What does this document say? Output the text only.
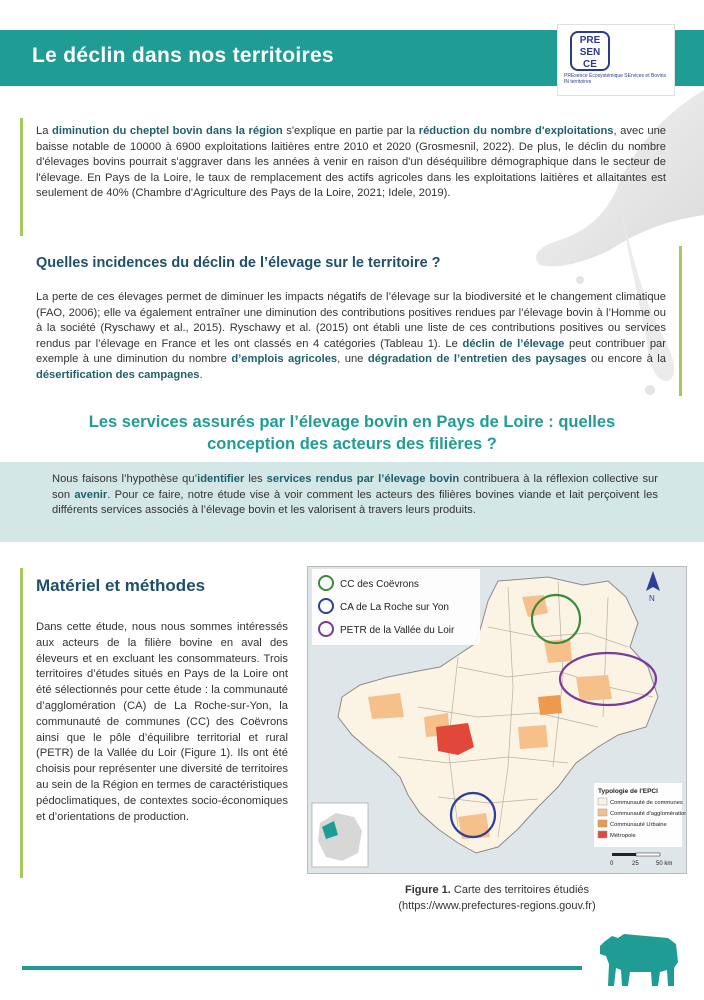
Le déclin dans nos territoires
PRE
SEN
CE
PREsence Écosystémique SErvices et Bovins IN territoires

La diminution du cheptel bovin dans la région s'explique en partie par la réduction du nombre d'exploitations, avec une baisse notable de 10000 à 6900 exploitations laitières entre 2010 et 2020 (Grosmesnil, 2022). De plus, le déclin du nombre d'élevages bovins pourrait s'aggraver dans les années à venir en raison d'un déséquilibre démographique dans le secteur de l'élevage. En Pays de la Loire, le taux de remplacement des actifs agricoles dans les exploitations laitières et allaitantes est seulement de 40% (Chambre d'Agriculture des Pays de la Loire, 2021; Idele, 2019).

Quelles incidences du déclin de l’élevage sur le territoire ?

La perte de ces élevages permet de diminuer les impacts négatifs de l’élevage sur la biodiversité et le changement climatique (FAO, 2006); elle va également entraîner une diminution des contributions positives rendues par l’élevage bovin à l’Homme ou à la société (Ryschawy et al., 2015). Ryschawy et al. (2015) ont établi une liste de ces contributions positives ou services rendus par l’élevage en France et les ont classés en 4 catégories (Tableau 1). Le déclin de l’élevage peut contribuer par exemple à une diminution du nombre d’emplois agricoles, une dégradation de l’entretien des paysages ou encore à la désertification des campagnes.

Les services assurés par l’élevage bovin en Pays de Loire : quelles
conception des acteurs des filières ?

Nous faisons l’hypothèse qu’identifier les services rendus par l’élevage bovin contribuera à la réflexion collective sur son avenir. Pour ce faire, notre étude vise à voir comment les acteurs des filières bovines viande et lait perçoivent les différents services associés à l’élevage bovin et les valorisent à travers leurs produits.

Matériel et méthodes

Dans cette étude, nous nous sommes intéressés aux acteurs de la filière bovine en aval des éleveurs et en excluant les consommateurs. Trois territoires d’études situés en Pays de la Loire ont été sélectionnés pour cette étude : la communauté d’agglomération (CA) de La Roche-sur-Yon, la communauté de communes (CC) des Coëvrons ainsi que le pôle d’équilibre territorial et rural (PETR) de la Vallée du Loir (Figure 1). Ils ont été choisis pour représenter une diversité de territoires au sein de la Région en termes de caractéristiques pédoclimatiques, de contextes socio-économiques et d’orientations de production.

CC des Coëvrons
CA de La Roche sur Yon
PETR de la Vallée du Loir
N
Typologie de l'EPCI
Communauté de communes
Communauté d'agglomération
Communauté Urbaine
Métropole
0	25	50 km
Figure 1. Carte des territoires étudiés
(https://www.prefectures-regions.gouv.fr)
